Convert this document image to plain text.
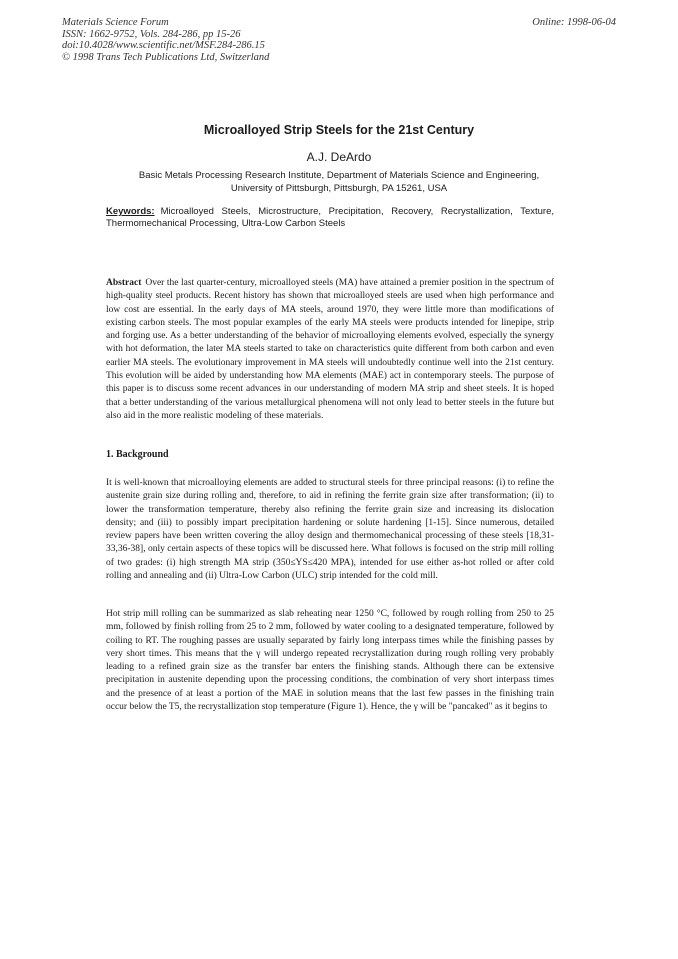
Materials Science Forum
ISSN: 1662-9752, Vols. 284-286, pp 15-26
doi:10.4028/www.scientific.net/MSF.284-286.15
© 1998 Trans Tech Publications Ltd, Switzerland
Online: 1998-06-04
Microalloyed Strip Steels for the 21st Century
A.J. DeArdo
Basic Metals Processing Research Institute, Department of Materials Science and Engineering,
University of Pittsburgh, Pittsburgh, PA 15261, USA
Keywords: Microalloyed Steels, Microstructure, Precipitation, Recovery, Recrystallization, Texture, Thermomechanical Processing, Ultra-Low Carbon Steels
Abstract Over the last quarter-century, microalloyed steels (MA) have attained a premier position in the spectrum of high-quality steel products. Recent history has shown that microalloyed steels are used when high performance and low cost are essential. In the early days of MA steels, around 1970, they were little more than modifications of existing carbon steels. The most popular examples of the early MA steels were products intended for linepipe, strip and forging use. As a better understanding of the behavior of microalloying elements evolved, especially the synergy with hot deformation, the later MA steels started to take on characteristics quite different from both carbon and even earlier MA steels. The evolutionary improvement in MA steels will undoubtedly continue well into the 21st century. This evolution will be aided by understanding how MA elements (MAE) act in contemporary steels. The purpose of this paper is to discuss some recent advances in our understanding of modern MA strip and sheet steels. It is hoped that a better understanding of the various metallurgical phenomena will not only lead to better steels in the future but also aid in the more realistic modeling of these materials.
1. Background
It is well-known that microalloying elements are added to structural steels for three principal reasons: (i) to refine the austenite grain size during rolling and, therefore, to aid in refining the ferrite grain size after transformation; (ii) to lower the transformation temperature, thereby also refining the ferrite grain size and increasing its dislocation density; and (iii) to possibly impart precipitation hardening or solute hardening [1-15]. Since numerous, detailed review papers have been written covering the alloy design and thermomechanical processing of these steels [18,31-33,36-38], only certain aspects of these topics will be discussed here. What follows is focused on the strip mill rolling of two grades: (i) high strength MA strip (350≤YS≤420 MPA), intended for use either as-hot rolled or after cold rolling and annealing and (ii) Ultra-Low Carbon (ULC) strip intended for the cold mill.
Hot strip mill rolling can be summarized as slab reheating near 1250 °C, followed by rough rolling from 250 to 25 mm, followed by finish rolling from 25 to 2 mm, followed by water cooling to a designated temperature, followed by coiling to RT. The roughing passes are usually separated by fairly long interpass times while the finishing passes by very short times. This means that the γ will undergo repeated recrystallization during rough rolling very probably leading to a refined grain size as the transfer bar enters the finishing stands. Although there can be extensive precipitation in austenite depending upon the processing conditions, the combination of very short interpass times and the presence of at least a portion of the MAE in solution means that the last few passes in the finishing train occur below the T5, the recrystallization stop temperature (Figure 1). Hence, the γ will be "pancaked" as it begins to
